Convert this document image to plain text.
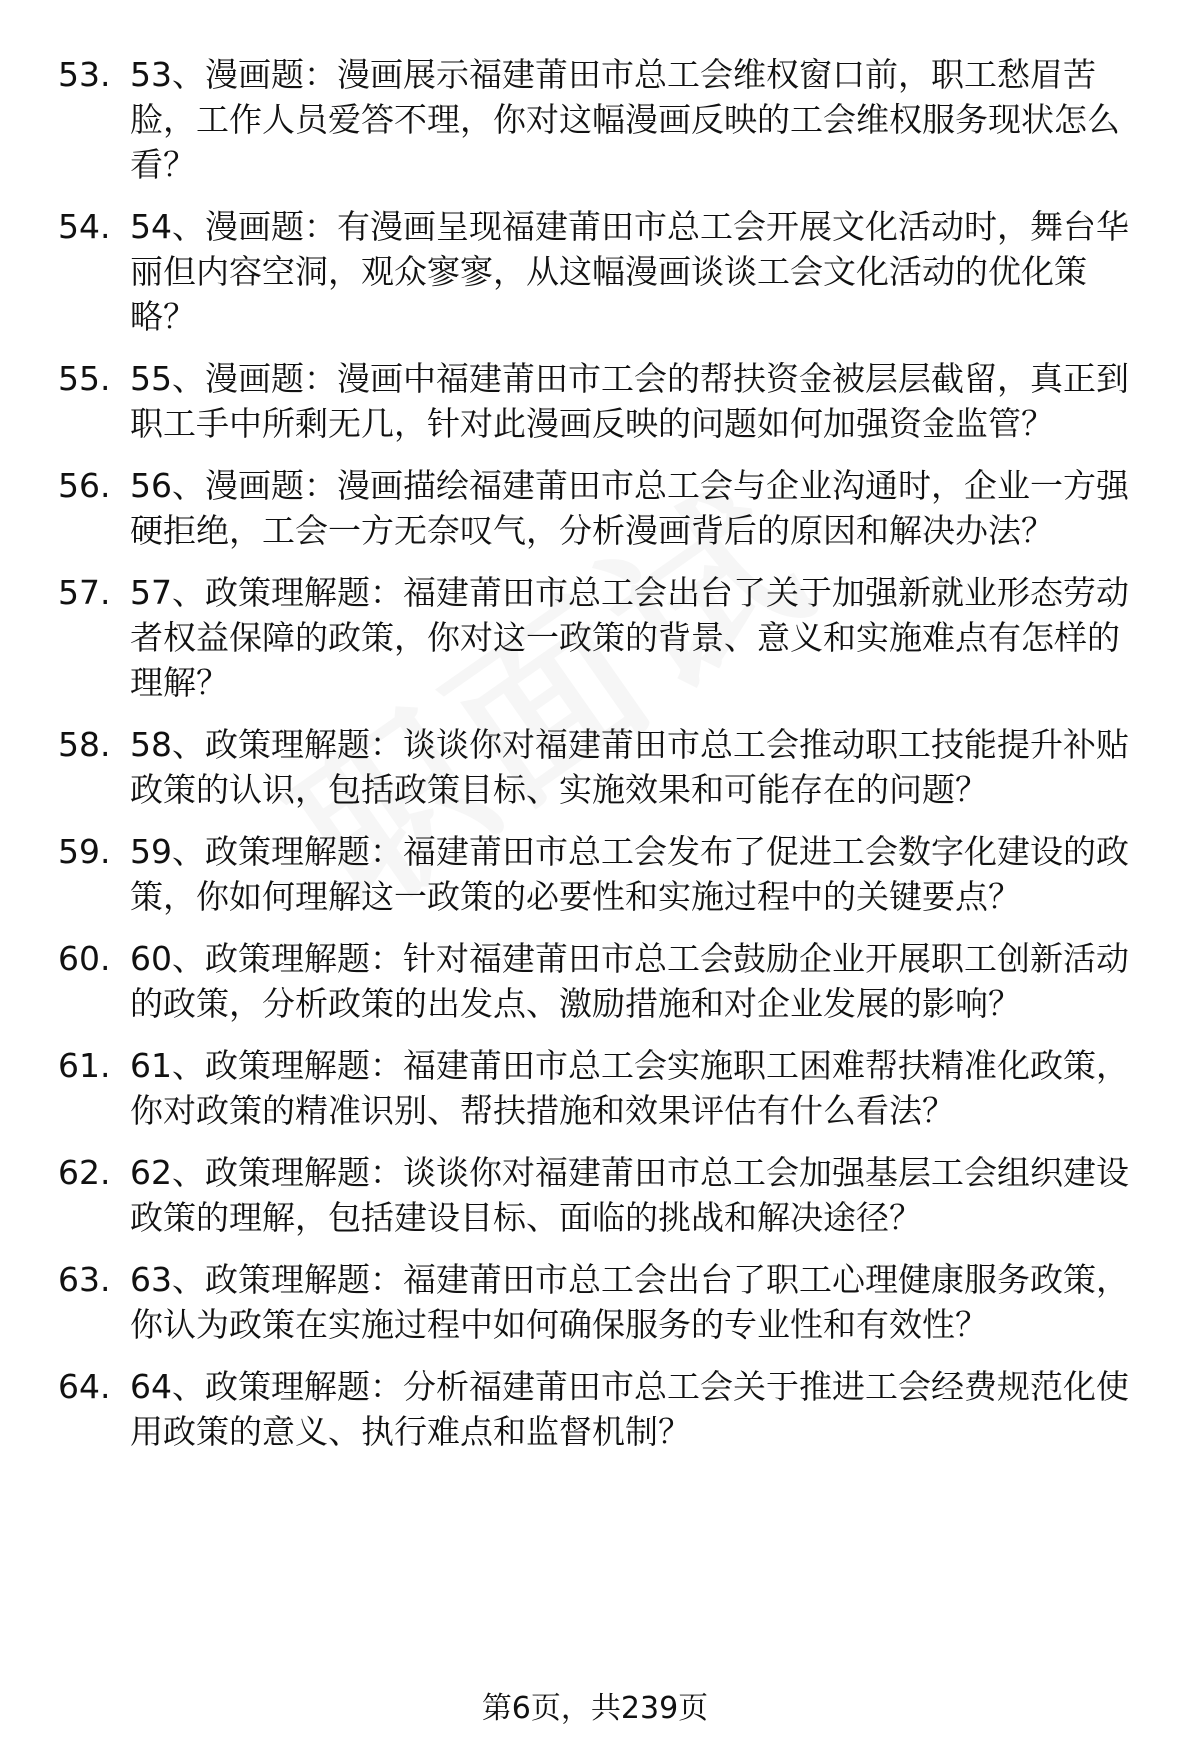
53. 53、漫画题：漫画展示福建莆田市总工会维权窗口前，职工愁眉苦脸，工作人员爱答不理，你对这幅漫画反映的工会维权服务现状怎么看？
54. 54、漫画题：有漫画呈现福建莆田市总工会开展文化活动时，舞台华丽但内容空洞，观众寥寥，从这幅漫画谈谈工会文化活动的优化策略？
55. 55、漫画题：漫画中福建莆田市工会的帮扶资金被层层截留，真正到职工手中所剩无几，针对此漫画反映的问题如何加强资金监管？
56. 56、漫画题：漫画描绘福建莆田市总工会与企业沟通时，企业一方强硬拒绝，工会一方无奈叹气，分析漫画背后的原因和解决办法？
57. 57、政策理解题：福建莆田市总工会出台了关于加强新就业形态劳动者权益保障的政策，你对这一政策的背景、意义和实施难点有怎样的理解？
58. 58、政策理解题：谈谈你对福建莆田市总工会推动职工技能提升补贴政策的认识，包括政策目标、实施效果和可能存在的问题？
59. 59、政策理解题：福建莆田市总工会发布了促进工会数字化建设的政策，你如何理解这一政策的必要性和实施过程中的关键要点？
60. 60、政策理解题：针对福建莆田市总工会鼓励企业开展职工创新活动的政策，分析政策的出发点、激励措施和对企业发展的影响？
61. 61、政策理解题：福建莆田市总工会实施职工困难帮扶精准化政策，你对政策的精准识别、帮扶措施和效果评估有什么看法？
62. 62、政策理解题：谈谈你对福建莆田市总工会加强基层工会组织建设政策的理解，包括建设目标、面临的挑战和解决途径？
63. 63、政策理解题：福建莆田市总工会出台了职工心理健康服务政策，你认为政策在实施过程中如何确保服务的专业性和有效性？
64. 64、政策理解题：分析福建莆田市总工会关于推进工会经费规范化使用政策的意义、执行难点和监督机制？
第6页，共239页
